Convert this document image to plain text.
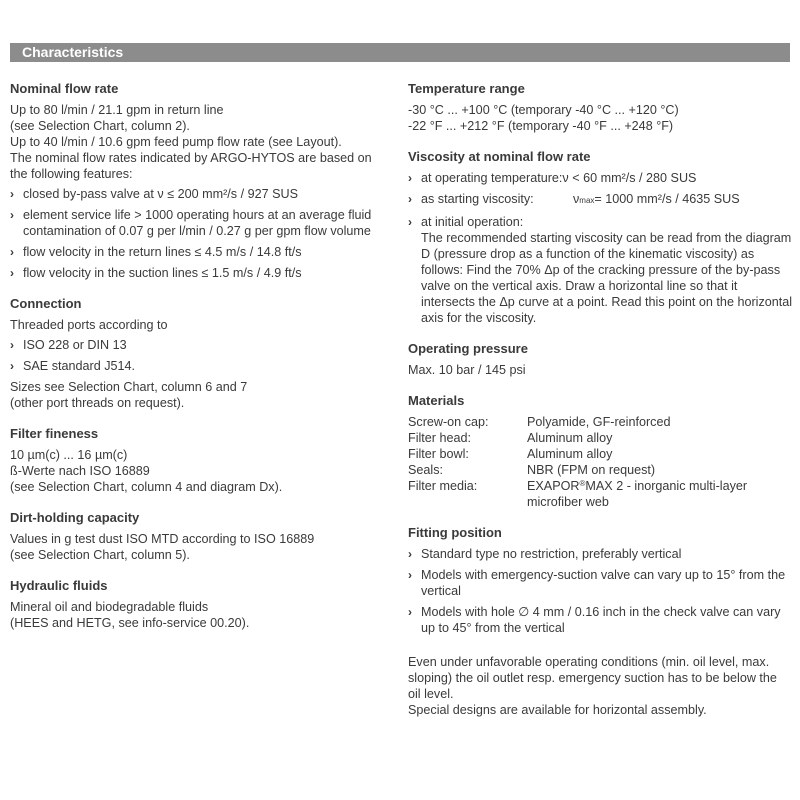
Characteristics
Nominal flow rate

Up to 80 l/min / 21.1 gpm in return line

(see Selection Chart, column 2).

Up to 40 l/min / 10.6 gpm feed pump flow rate (see Layout).

The nominal flow rates indicated by ARGO-HYTOS are based on

the following features:

› closed by-pass valve at ν ≤ 200 mm²/s / 927 SUS
› element service life > 1000 operating hours at an average fluid contamination of 0.07 g per l/min / 0.27 g per gpm flow volume
› flow velocity in the return lines ≤ 4.5 m/s / 14.8 ft/s
› flow velocity in the suction lines ≤ 1.5 m/s / 4.9 ft/s
Connection

Threaded ports according to

› ISO 228 or DIN 13
› SAE standard J514.

Sizes see Selection Chart, column 6 and 7

(other port threads on request).

Filter fineness

10 µm(c) ... 16 µm(c)

ß-Werte nach ISO 16889

(see Selection Chart, column 4 and diagram Dx).

Dirt-holding capacity

Values in g test dust ISO MTD according to ISO 16889

(see Selection Chart, column 5).

Hydraulic fluids

Mineral oil and biodegradable fluids

(HEES and HETG, see info-service 00.20).

Temperature range

-30 °C ... +100 °C (temporary -40 °C ... +120 °C)

-22 °F ... +212 °F (temporary -40 °F ... +248 °F)

Viscosity at nominal flow rate
› at operating temperature:ν < 60 mm²/s / 280 SUS
› as starting viscosity:	ν max = 1000 mm²/s / 4635 SUS
› at initial operation:
The recommended starting viscosity can be read from the diagram D (pressure drop as a function of the kinematic viscosity) as follows: Find the 70% Δp of the cracking pressure of the by-pass valve on the vertical axis. Draw a horizontal line so that it intersects the Δp curve at a point. Read this point on the horizontal axis for the viscosity.
Operating pressure

Max. 10 bar / 145 psi

Materials
Screw-on cap:	Polyamide, GF-reinforced
Filter head:	Aluminum alloy
Filter bowl:	Aluminum alloy
Seals:	NBR (FPM on request)
Filter media:	EXAPOR®MAX 2 - inorganic multi-layer
microfiber web
Fitting position
› Standard type no restriction, preferably vertical
› Models with emergency-suction valve can vary up to 15° from the vertical
› Models with hole ∅ 4 mm / 0.16 inch in the check valve can vary up to 45° from the vertical

Even under unfavorable operating conditions (min. oil level, max. sloping) the oil outlet resp. emergency suction has to be below the oil level.

Special designs are available for horizontal assembly.
